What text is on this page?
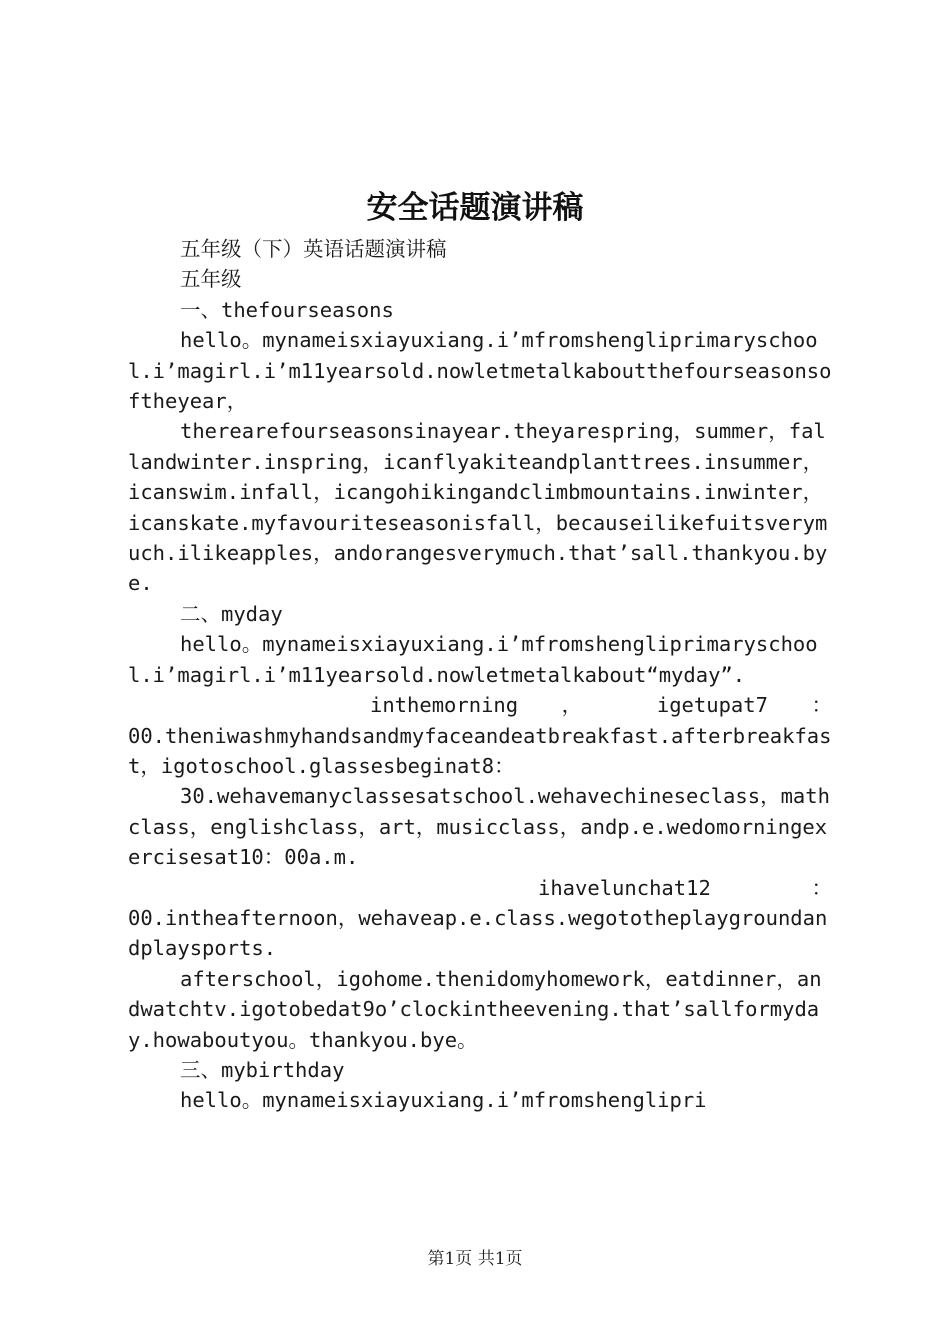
安全话题演讲稿

五年级（下）英语话题演讲稿

五年级

一、thefourseasons

hello。mynameisxiayuxiang.i’mfromshengliprimaryschool.i’magirl.i’m11yearsold.nowletmetalkaboutthefourseasonsoftheyear，

therearefourseasonsinayear.theyarespring，summer，fallandwinter.inspring，icanflyakiteandplanttrees.insummer，icanswim.infall，icangohikingandclimbmountains.inwinter，icanskate.myfavouriteseasonisfall，becauseilikefuitsverymuch.ilikeapples，andorangesverymuch.that’sall.thankyou.bye.

二、myday

hello。mynameisxiayuxiang.i’mfromshengliprimaryschool.i’magirl.i’m11yearsold.nowletmetalkabout“myday”.

inthemorning ， igetupat7 ：

00.theniwashmyhandsandmyfaceandeatbreakfast.afterbreakfast，igotoschool.glassesbeginat8：

30.wehavemanyclassesatschool.wehavechineseclass，mathclass，englishclass，art，musicclass，andp.e.wedomorningexercisesat10：00a.m.

ihavelunchat12 ：

00.intheafternoon，wehaveap.e.class.wegototheplaygroundandplaysports.

afterschool，igohome.thenidomyhomework，eatdinner，andwatchtv.igotobedat9o’clockintheevening.that’sallformyday.howaboutyou。thankyou.bye。

三、mybirthday

hello。mynameisxiayuxiang.i’mfromshenglipri

第1页 共1页
